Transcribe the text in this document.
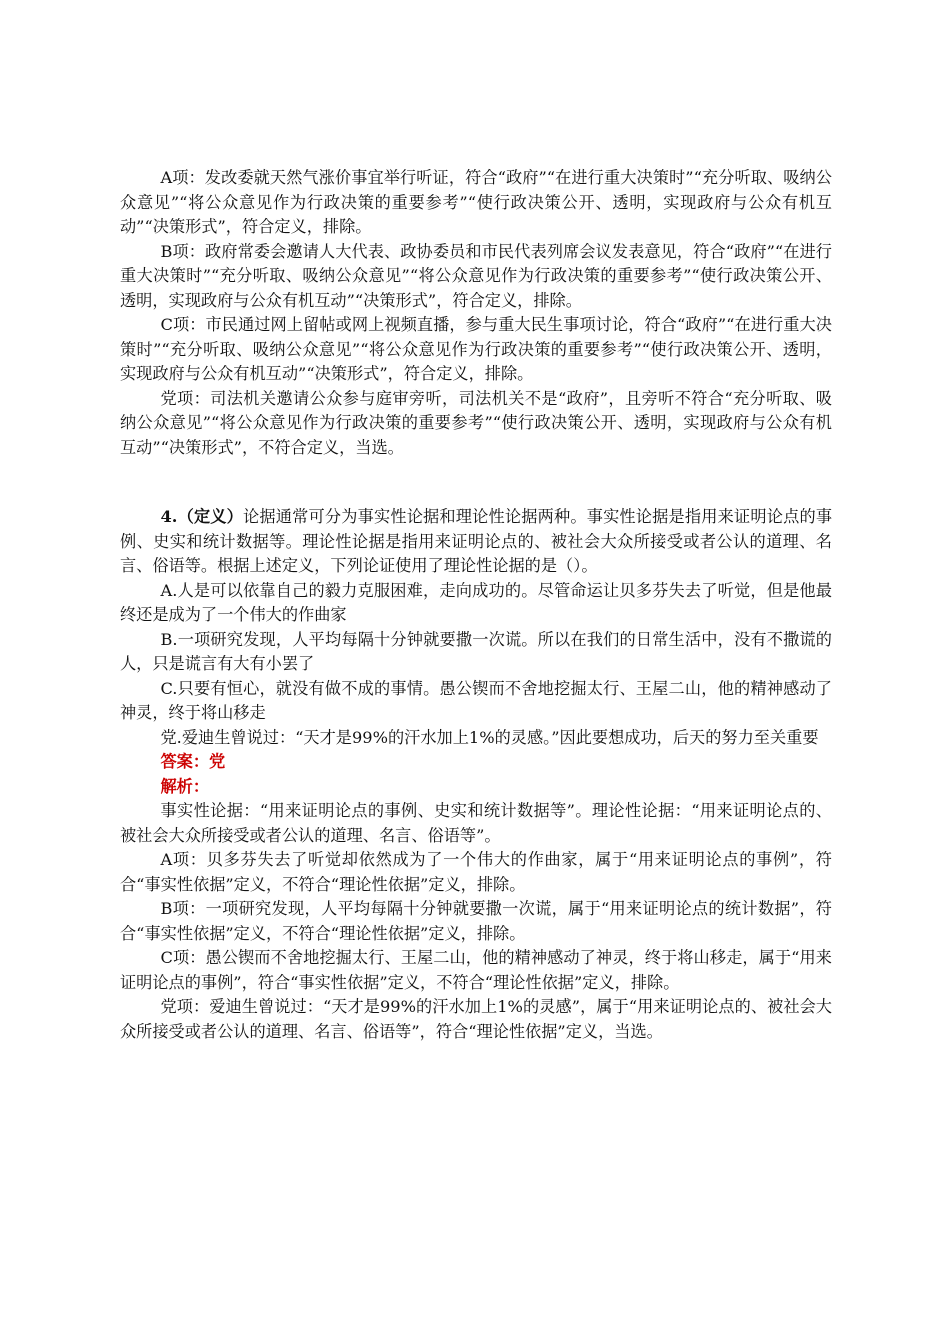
A项：发改委就天然气涨价事宜举行听证，符合“政府”“在进行重大决策时”“充分听取、吸纳公众意见”“将公众意见作为行政决策的重要参考”“使行政决策公开、透明，实现政府与公众有机互动”“决策形式”，符合定义，排除。

B项：政府常委会邀请人大代表、政协委员和市民代表列席会议发表意见，符合“政府”“在进行重大决策时”“充分听取、吸纳公众意见”“将公众意见作为行政决策的重要参考”“使行政决策公开、透明，实现政府与公众有机互动”“决策形式”，符合定义，排除。

C项：市民通过网上留帖或网上视频直播，参与重大民生事项讨论，符合“政府”“在进行重大决策时”“充分听取、吸纳公众意见”“将公众意见作为行政决策的重要参考”“使行政决策公开、透明，实现政府与公众有机互动”“决策形式”，符合定义，排除。

党项：司法机关邀请公众参与庭审旁听，司法机关不是“政府”，且旁听不符合“充分听取、吸纳公众意见”“将公众意见作为行政决策的重要参考”“使行政决策公开、透明，实现政府与公众有机互动”“决策形式”，不符合定义，当选。

4.（定义）论据通常可分为事实性论据和理论性论据两种。事实性论据是指用来证明论点的事例、史实和统计数据等。理论性论据是指用来证明论点的、被社会大众所接受或者公认的道理、名言、俗语等。根据上述定义，下列论证使用了理论性论据的是（）。

A.人是可以依靠自己的毅力克服困难，走向成功的。尽管命运让贝多芬失去了听觉，但是他最终还是成为了一个伟大的作曲家

B.一项研究发现，人平均每隔十分钟就要撒一次谎。所以在我们的日常生活中，没有不撒谎的人，只是谎言有大有小罢了

C.只要有恒心，就没有做不成的事情。愚公锲而不舍地挖掘太行、王屋二山，他的精神感动了神灵，终于将山移走

党.爱迪生曾说过：“天才是99%的汗水加上1%的灵感。”因此要想成功，后天的努力至关重要

答案：党

解析：

事实性论据：“用来证明论点的事例、史实和统计数据等”。理论性论据：“用来证明论点的、被社会大众所接受或者公认的道理、名言、俗语等”。

A项：贝多芬失去了听觉却依然成为了一个伟大的作曲家，属于“用来证明论点的事例”，符合“事实性依据”定义，不符合“理论性依据”定义，排除。

B项：一项研究发现，人平均每隔十分钟就要撒一次谎，属于“用来证明论点的统计数据”，符合“事实性依据”定义，不符合“理论性依据”定义，排除。

C项：愚公锲而不舍地挖掘太行、王屋二山，他的精神感动了神灵，终于将山移走，属于“用来证明论点的事例”，符合“事实性依据”定义，不符合“理论性依据”定义，排除。

党项：爱迪生曾说过：“天才是99%的汗水加上1%的灵感”，属于“用来证明论点的、被社会大众所接受或者公认的道理、名言、俗语等”，符合“理论性依据”定义，当选。
